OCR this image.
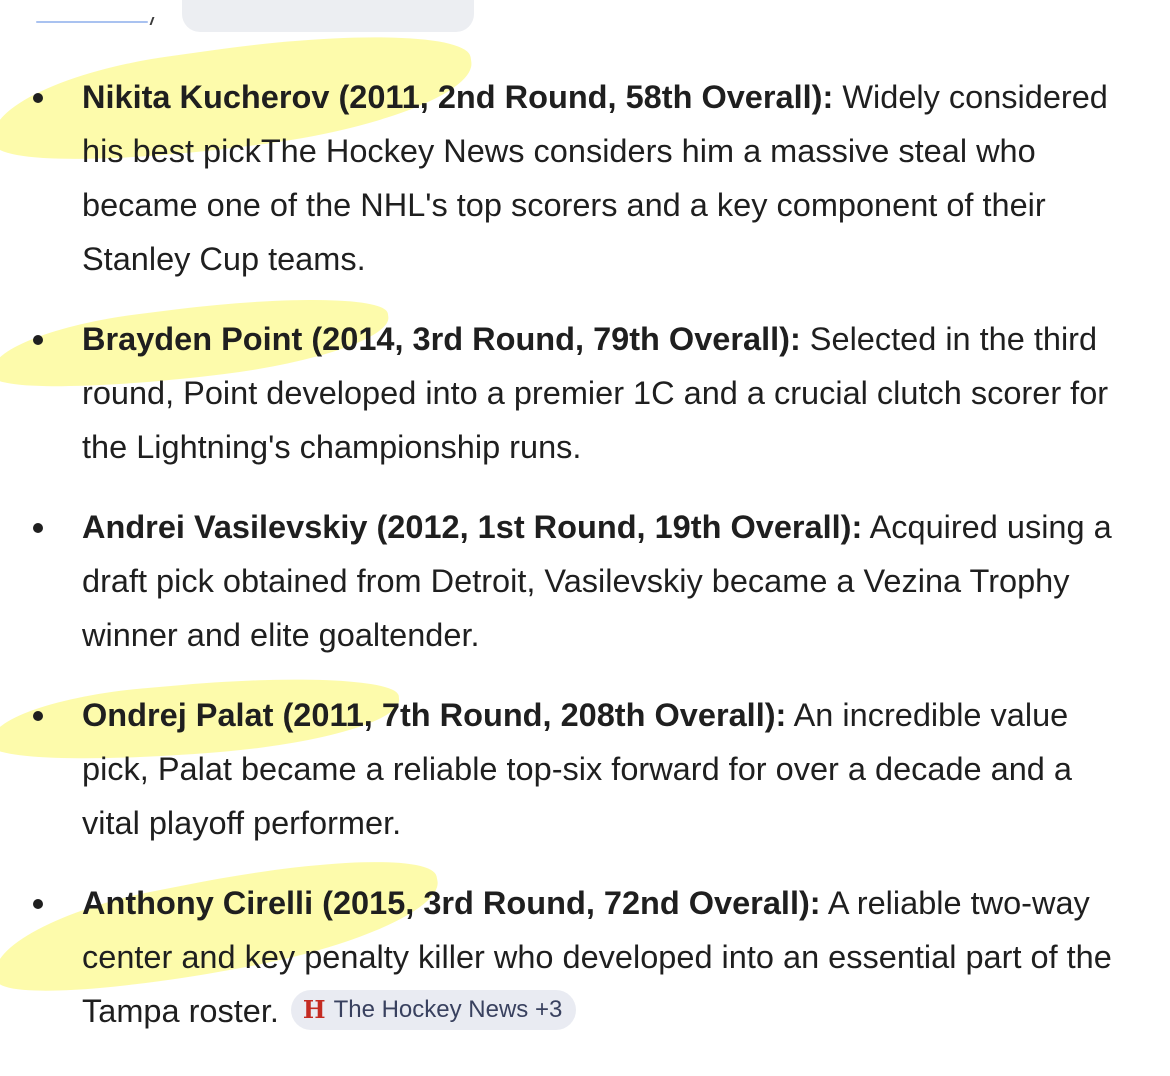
Nikita Kucherov (2011, 2nd Round, 58th Overall): Widely considered his best pickThe Hockey News considers him a massive steal who became one of the NHL's top scorers and a key component of their Stanley Cup teams.
Brayden Point (2014, 3rd Round, 79th Overall): Selected in the third round, Point developed into a premier 1C and a crucial clutch scorer for the Lightning's championship runs.
Andrei Vasilevskiy (2012, 1st Round, 19th Overall): Acquired using a draft pick obtained from Detroit, Vasilevskiy became a Vezina Trophy winner and elite goaltender.
Ondrej Palat (2011, 7th Round, 208th Overall): An incredible value pick, Palat became a reliable top-six forward for over a decade and a vital playoff performer.
Anthony Cirelli (2015, 3rd Round, 72nd Overall): A reliable two-way center and key penalty killer who developed into an essential part of the Tampa roster. H The Hockey News +3
